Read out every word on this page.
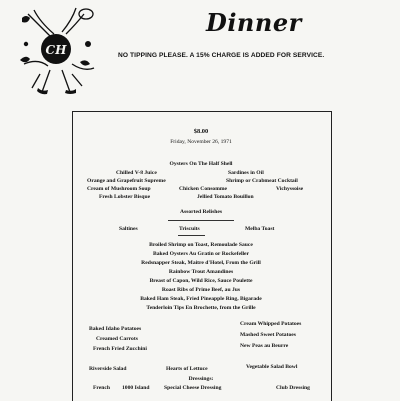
CH
Dinner
NO TIPPING PLEASE. A 15% CHARGE IS ADDED FOR SERVICE.
$8.00
Friday, November 26, 1971
Oysters On The Half Shell
Chilled V-8 Juice	Sardines in Oil
Orange and Grapefruit Supreme	Shrimp or Crabmeat Cocktail
Cream of Mushroom Soup	Chicken Consomme	Vichyssoise
Fresh Lobster Bisque	Jellied Tomato Bouillon
Assorted Relishes
Saltines	Triscuits	Melba Toast
Broiled Shrimp on Toast, Remoulade Sauce
Baked Oysters Au Gratin or Rockefeller
Redsnapper Steak, Maitre d'Hotel, From the Grill
Rainbow Trout Amandines
Breast of Capon, Wild Rice, Sauce Poulette
Roast Ribs of Prime Beef, au Jus
Baked Ham Steak, Fried Pineapple Ring, Bigarade
Tenderloin Tips En Brochette, from the Grille
Baked Idaho Potatoes
Cream Whipped Potatoes
Creamed Carrots
Mashed Sweet Potatoes
French Fried Zucchini	New Peas au Beurre
Riverside Salad	Hearts of Lettuce	Vegetable Salad Bowl
Dressings:
French 1000 Island	Special Cheese Dressing	Club Dressing
